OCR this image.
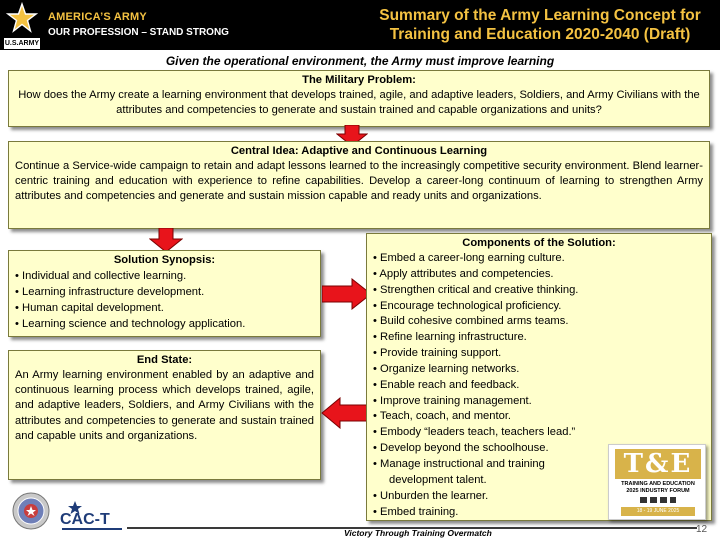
U.S.ARMY
AMERICA’S ARMY
OUR PROFESSION – STAND STRONG
Summary of the Army Learning Concept for
Training and Education 2020-2040 (Draft)
Given the operational environment, the Army must improve learning
The Military Problem:
How does the Army create a learning environment that develops trained, agile, and adaptive leaders, Soldiers, and Army Civilians with the attributes and competencies to generate and sustain trained and capable organizations and units?
Central Idea: Adaptive and Continuous Learning
Continue a Service-wide campaign to retain and adapt lessons learned to the increasingly competitive security environment. Blend learner-centric training and education with experience to refine capabilities. Develop a career-long continuum of learning to strengthen Army attributes and competencies and generate and sustain mission capable and ready units and organizations.
Solution Synopsis:
• Individual and collective learning.
• Learning infrastructure development.
• Human capital development.
• Learning science and technology application.
End State:
An Army learning environment enabled by an adaptive and continuous learning process which develops trained, agile, and adaptive leaders, Soldiers, and Army Civilians with the attributes and competencies to generate and sustain trained and capable units and organizations.
Components of the Solution:
• Embed a career-long earning culture.
• Apply attributes and competencies.
• Strengthen critical and creative thinking.
• Encourage technological proficiency.
• Build cohesive combined arms teams.
• Refine learning infrastructure.
• Provide training support.
• Organize learning networks.
• Enable reach and feedback.
• Improve training management.
• Teach, coach, and mentor.
• Embody “leaders teach, teachers lead.”
• Develop beyond the schoolhouse.
• Manage instructional and training
development talent.
• Unburden the learner.
• Embed training.
T&E
TRAINING AND EDUCATION
2025 INDUSTRY FORUM
18 - 19 JUNE 2025
CAC-T
Victory Through Training Overmatch	12
